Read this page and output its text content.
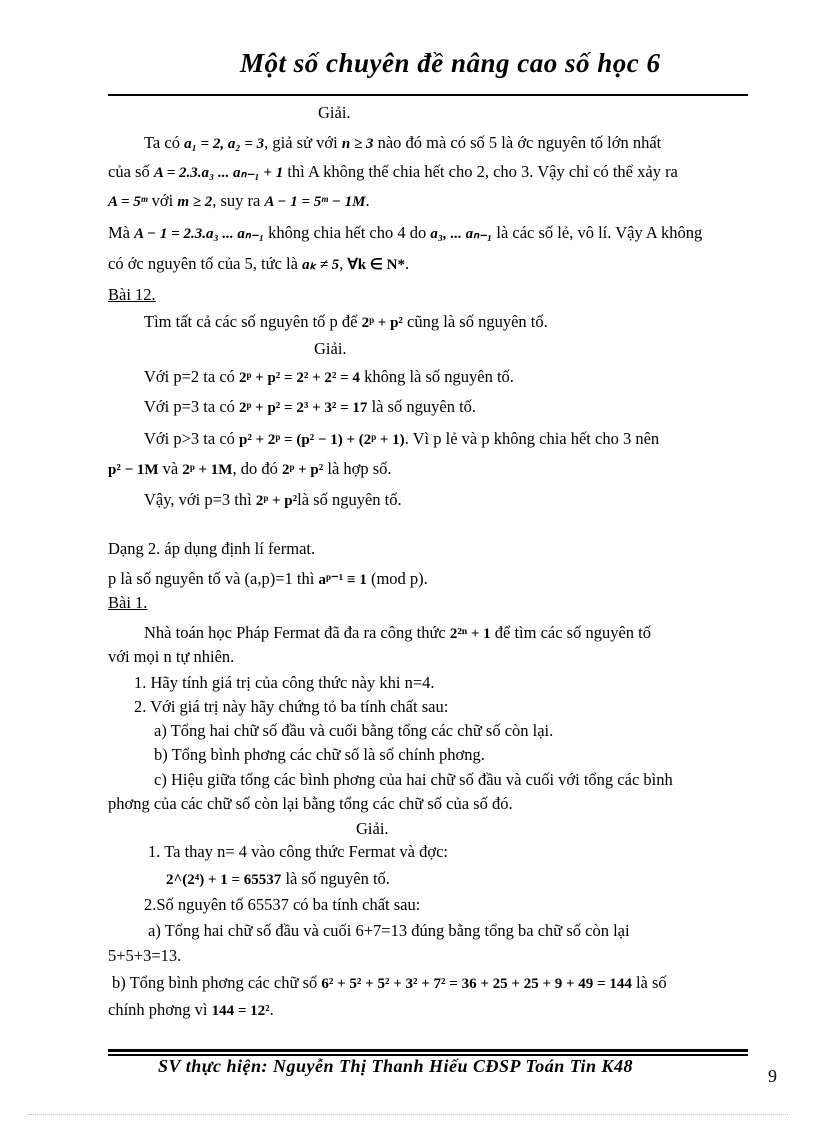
Một số chuyên đề nâng cao số học 6
Giải.
Ta có a₁ = 2, a₂ = 3, giả sử với n ≥ 3 nào đó mà có số 5 là ớc nguyên tố lớn nhất
của số A = 2.3.a₃ ... aₙ₋₁ + 1 thì A không thể chia hết cho 2, cho 3. Vậy chỉ có thể xảy ra
A = 5ᵐ với m ≥ 2, suy ra A − 1 = 5ᵐ − 1M.
Mà A − 1 = 2.3.a₃ ... aₙ₋₁ không chia hết cho 4 do a₃, ... aₙ₋₁ là các số lẻ, vô lí. Vậy A không
có ớc nguyên tố của 5, tức là aₖ ≠ 5, ∀k ∈ N*.
Bài 12.
Tìm tất cả các số nguyên tố p để 2ᵖ + p² cũng là số nguyên tố.
Giải.
Với p=2 ta có 2ᵖ + p² = 2² + 2² = 4 không là số nguyên tố.
Với p=3 ta có 2ᵖ + p² = 2³ + 3² = 17 là số nguyên tố.
Với p>3 ta có p² + 2ᵖ = (p² − 1) + (2ᵖ + 1). Vì p lẻ và p không chia hết cho 3 nên
p² − 1M và 2ᵖ + 1M, do đó 2ᵖ + p² là hợp số.
Vậy, với p=3 thì 2ᵖ + p²là số nguyên tố.
Dạng 2. áp dụng định lí fermat.
p là số nguyên tố và (a,p)=1 thì aᵖ⁻¹ ≡ 1 (mod p).
Bài 1.
Nhà toán học Pháp Fermat đã đa ra công thức 2²ⁿ + 1 để tìm các số nguyên tố
với mọi n tự nhiên.
1. Hãy tính giá trị của công thức này khi n=4.
2. Với giá trị này hãy chứng tỏ ba tính chất sau:
a) Tổng hai chữ số đầu và cuối bằng tổng các chữ số còn lại.
b) Tổng bình phơng các chữ số là số chính phơng.
c) Hiệu giữa tổng các bình phơng của hai chữ số đầu và cuối với tổng các bình
phơng của các chữ số còn lại bằng tổng các chữ số của số đó.
Giải.
1. Ta thay n= 4 vào công thức Fermat và đợc:
2^(2⁴) + 1 = 65537 là số nguyên tố.
2.Số nguyên tố 65537 có ba tính chất sau:
a) Tổng hai chữ số đầu và cuối 6+7=13 đúng bằng tổng ba chữ số còn lại
5+5+3=13.
b) Tổng bình phơng các chữ số 6² + 5² + 5² + 3² + 7² = 36 + 25 + 25 + 9 + 49 = 144 là số
chính phơng vì 144 = 12².
SV thực hiện: Nguyễn Thị Thanh Hiếu CĐSP Toán Tin K48	9
